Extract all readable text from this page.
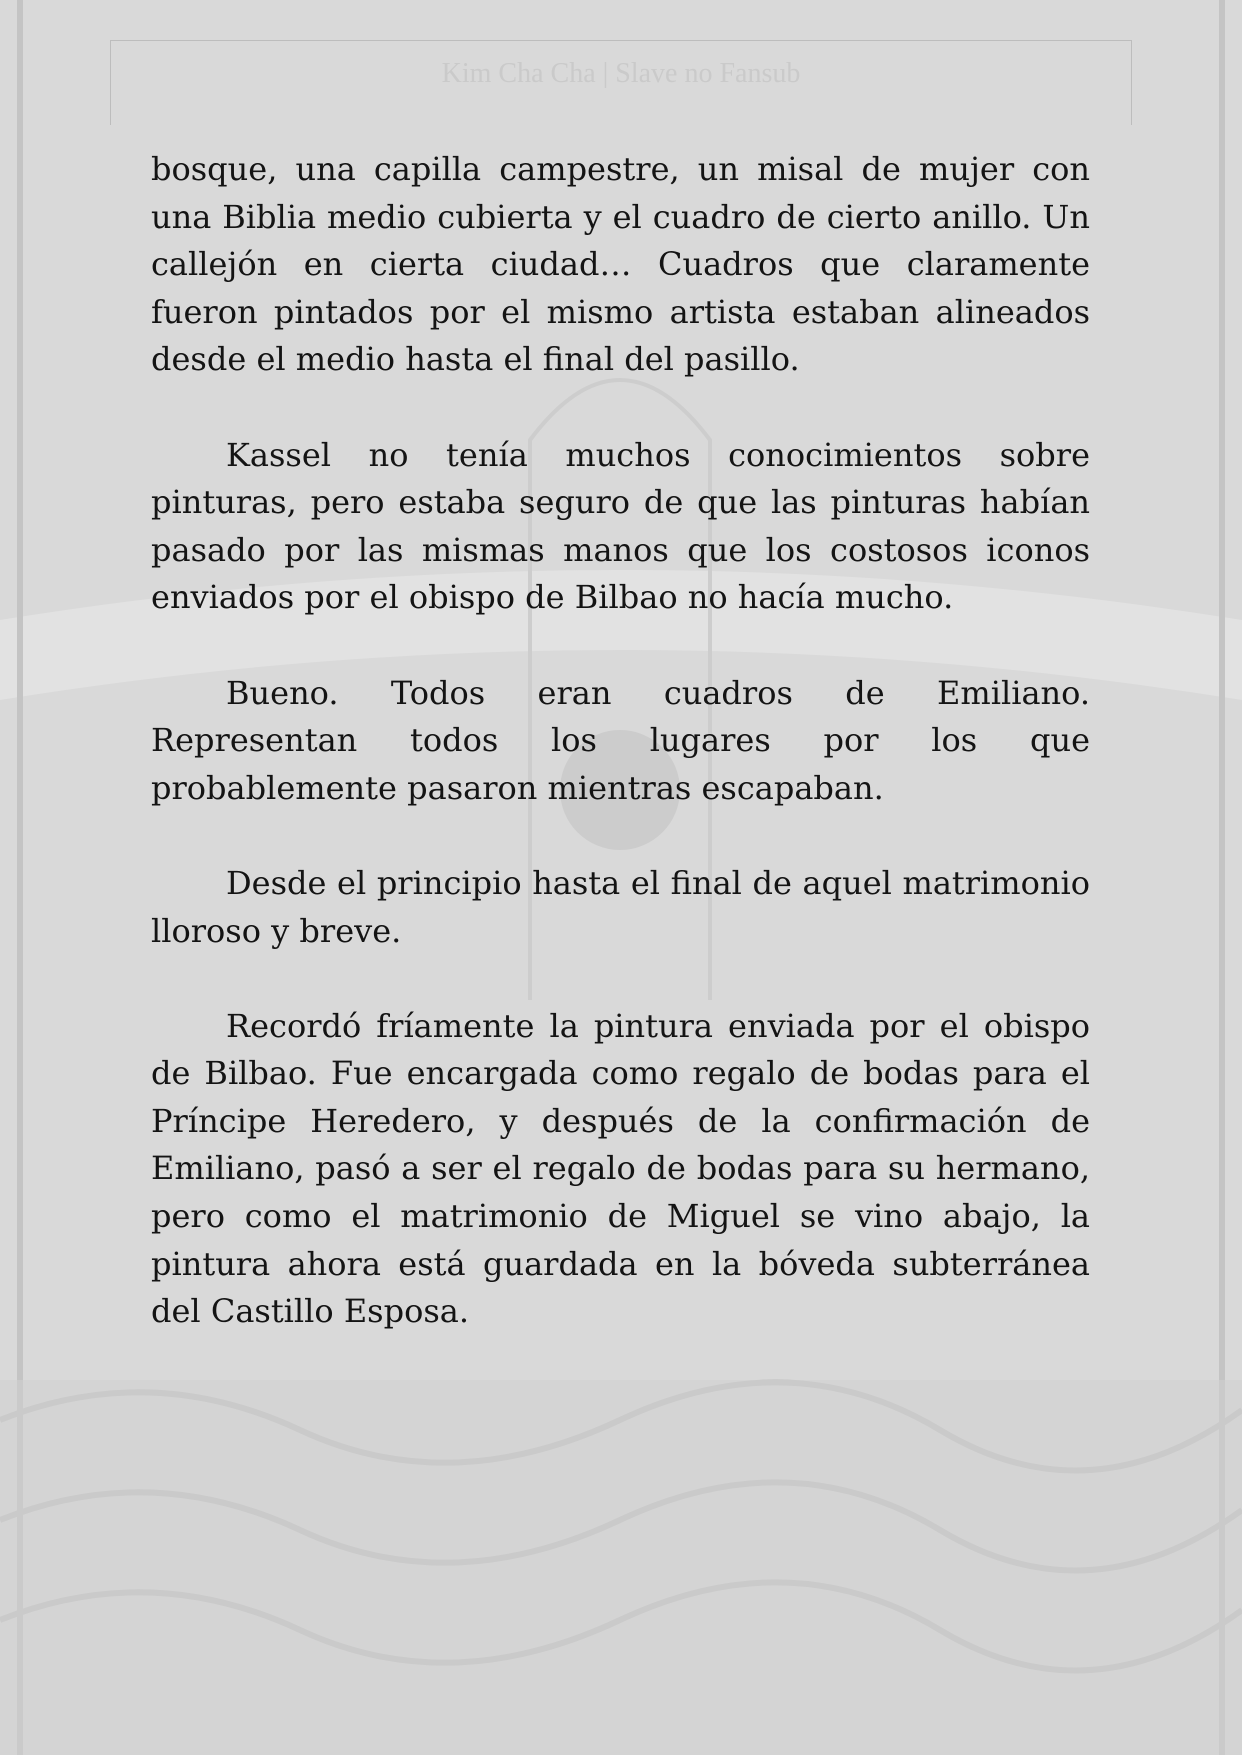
Kim Cha Cha | Slave no Fansub

bosque, una capilla campestre, un misal de mujer con una Biblia medio cubierta y el cuadro de cierto anillo. Un callejón en cierta ciudad… Cuadros que claramente fueron pintados por el mismo artista estaban alineados desde el medio hasta el final del pasillo.

Kassel no tenía muchos conocimientos sobre pinturas, pero estaba seguro de que las pinturas habían pasado por las mismas manos que los costosos iconos enviados por el obispo de Bilbao no hacía mucho.

Bueno. Todos eran cuadros de Emiliano. Representan todos los lugares por los que probablemente pasaron mientras escapaban.

Desde el principio hasta el final de aquel matrimonio lloroso y breve.

Recordó fríamente la pintura enviada por el obispo de Bilbao. Fue encargada como regalo de bodas para el Príncipe Heredero, y después de la confirmación de Emiliano, pasó a ser el regalo de bodas para su hermano, pero como el matrimonio de Miguel se vino abajo, la pintura ahora está guardada en la bóveda subterránea del Castillo Esposa.
